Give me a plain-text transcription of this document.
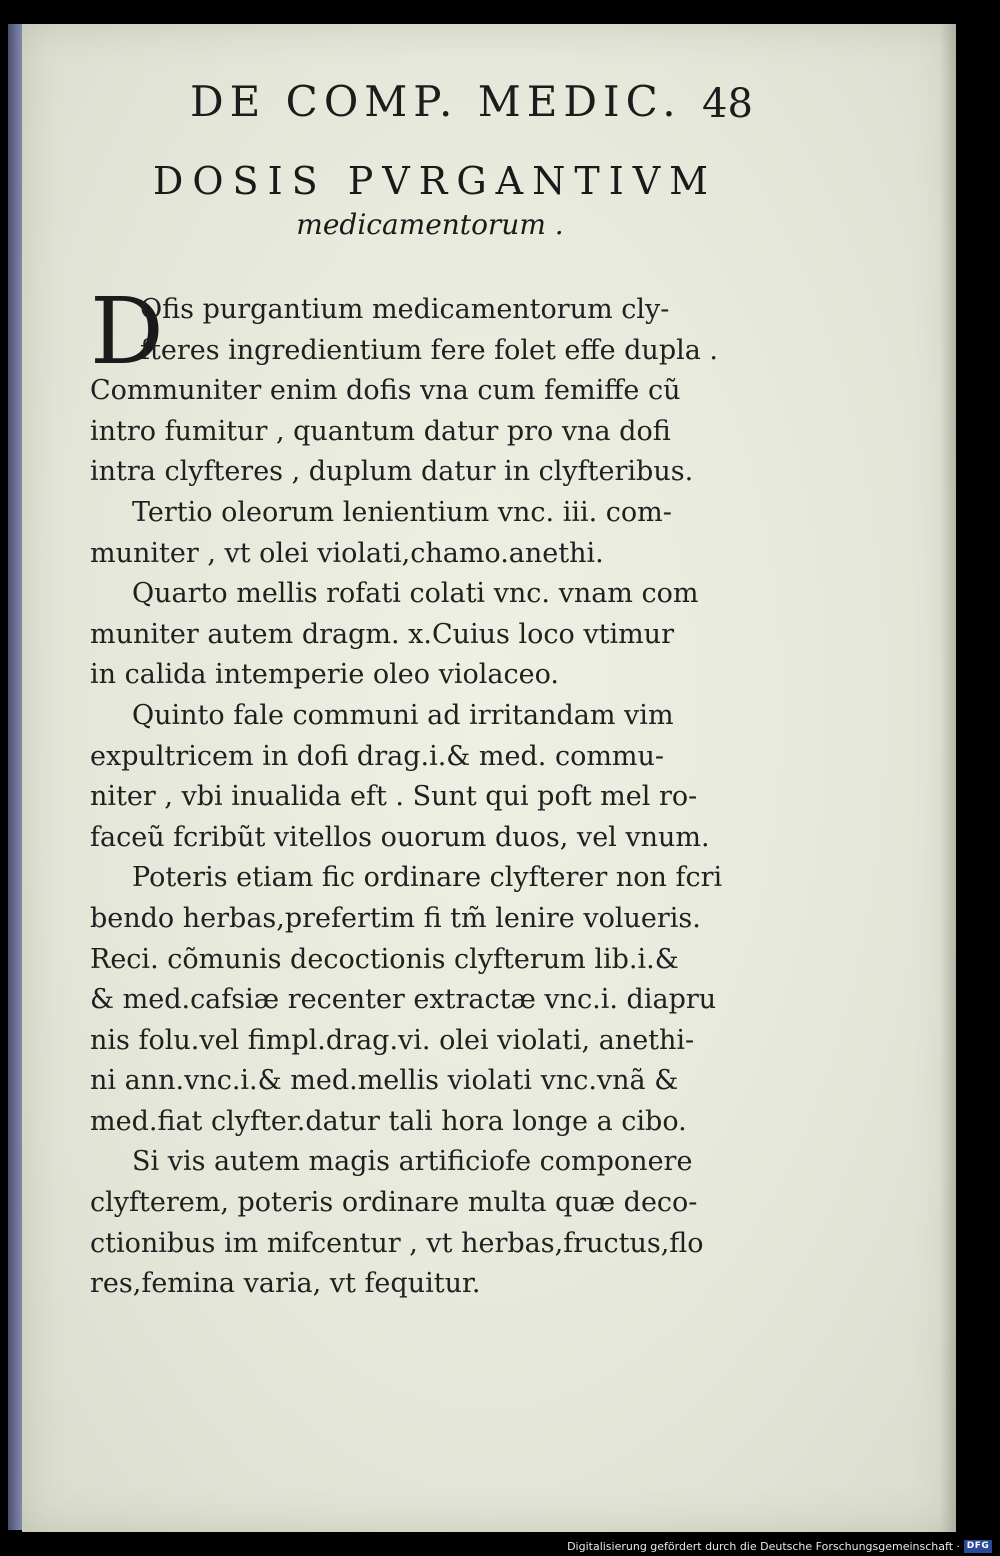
DE COMP. MEDIC. 48
DOSIS PVRGANTIVM
medicamentorum .
D
Ofis purgantium medicamentorum cly-
fteres ingredientium fere folet effe dupla .
Communiter enim dofis vna cum femiffe cũ
intro fumitur , quantum datur pro vna dofi
intra clyfteres , duplum datur in clyfteribus.
Tertio oleorum lenientium vnc. iii. com-
muniter , vt olei violati,chamo.anethi.
Quarto mellis rofati colati vnc. vnam com
muniter autem dragm. x.Cuius loco vtimur
in calida intemperie oleo violaceo.
Quinto fale communi ad irritandam vim
expultricem in dofi drag.i.& med. commu-
niter , vbi inualida eft . Sunt qui poft mel ro-
faceũ fcribũt vitellos ouorum duos, vel vnum.
Poteris etiam fic ordinare clyfterer non fcri
bendo herbas,prefertim fi tm̃ lenire volueris.
Reci. cõmunis decoctionis clyfterum lib.i.&
& med.cafsiæ recenter extractæ vnc.i. diapru
nis folu.vel fimpl.drag.vi. olei violati, anethi-
ni ann.vnc.i.& med.mellis violati vnc.vnã &
med.fiat clyfter.datur tali hora longe a cibo.
Si vis autem magis artificiofe componere
clyfterem, poteris ordinare multa quæ deco-
ctionibus im mifcentur , vt herbas,fructus,flo
res,femina varia, vt fequitur.
Digitalisierung gefördert durch die Deutsche Forschungsgemeinschaft · DFG
